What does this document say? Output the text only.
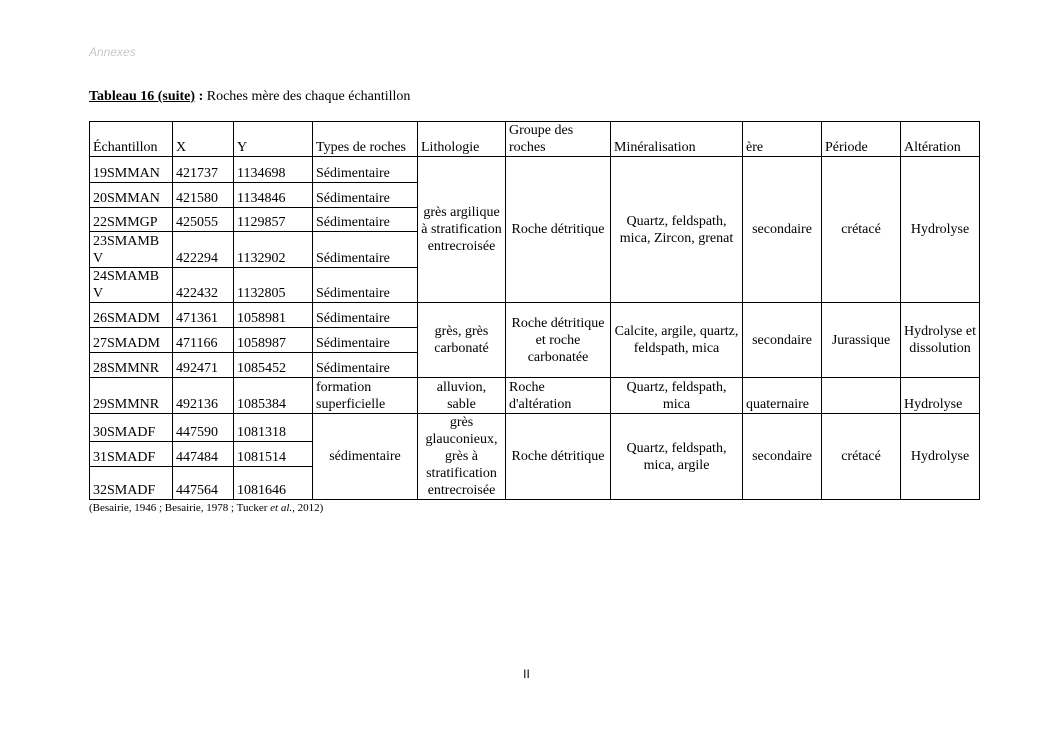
Annexes
Tableau 16 (suite) : Roches mère des chaque échantillon
Échantillon	X	Y	Types de roches	Lithologie	Groupe des roches	Minéralisation	ère	Période	Altération
19SMMAN	421737	1134698	Sédimentaire	grès argilique à stratification entrecroisée	Roche détritique	Quartz, feldspath, mica, Zircon, grenat	secondaire	crétacé	Hydrolyse
20SMMAN	421580	1134846	Sédimentaire						
22SMMGP	425055	1129857	Sédimentaire						
23SMAMB V	422294	1132902	Sédimentaire						
24SMAMB V	422432	1132805	Sédimentaire						
26SMADM	471361	1058981	Sédimentaire	grès, grès carbonaté	Roche détritique et roche carbonatée	Calcite, argile, quartz, feldspath, mica	secondaire	Jurassique	Hydrolyse et dissolution
27SMADM	471166	1058987	Sédimentaire						
28SMMNR	492471	1085452	Sédimentaire						
29SMMNR	492136	1085384	formation superficielle	alluvion, sable	Roche d'altération	Quartz, feldspath, mica	quaternaire		Hydrolyse
30SMADF	447590	1081318	sédimentaire	grès glauconieux, grès à stratification entrecroisée	Roche détritique	Quartz, feldspath, mica, argile	secondaire	crétacé	Hydrolyse
31SMADF	447484	1081514							
32SMADF	447564	1081646							
(Besairie, 1946 ; Besairie, 1978 ; Tucker et al., 2012)
II
